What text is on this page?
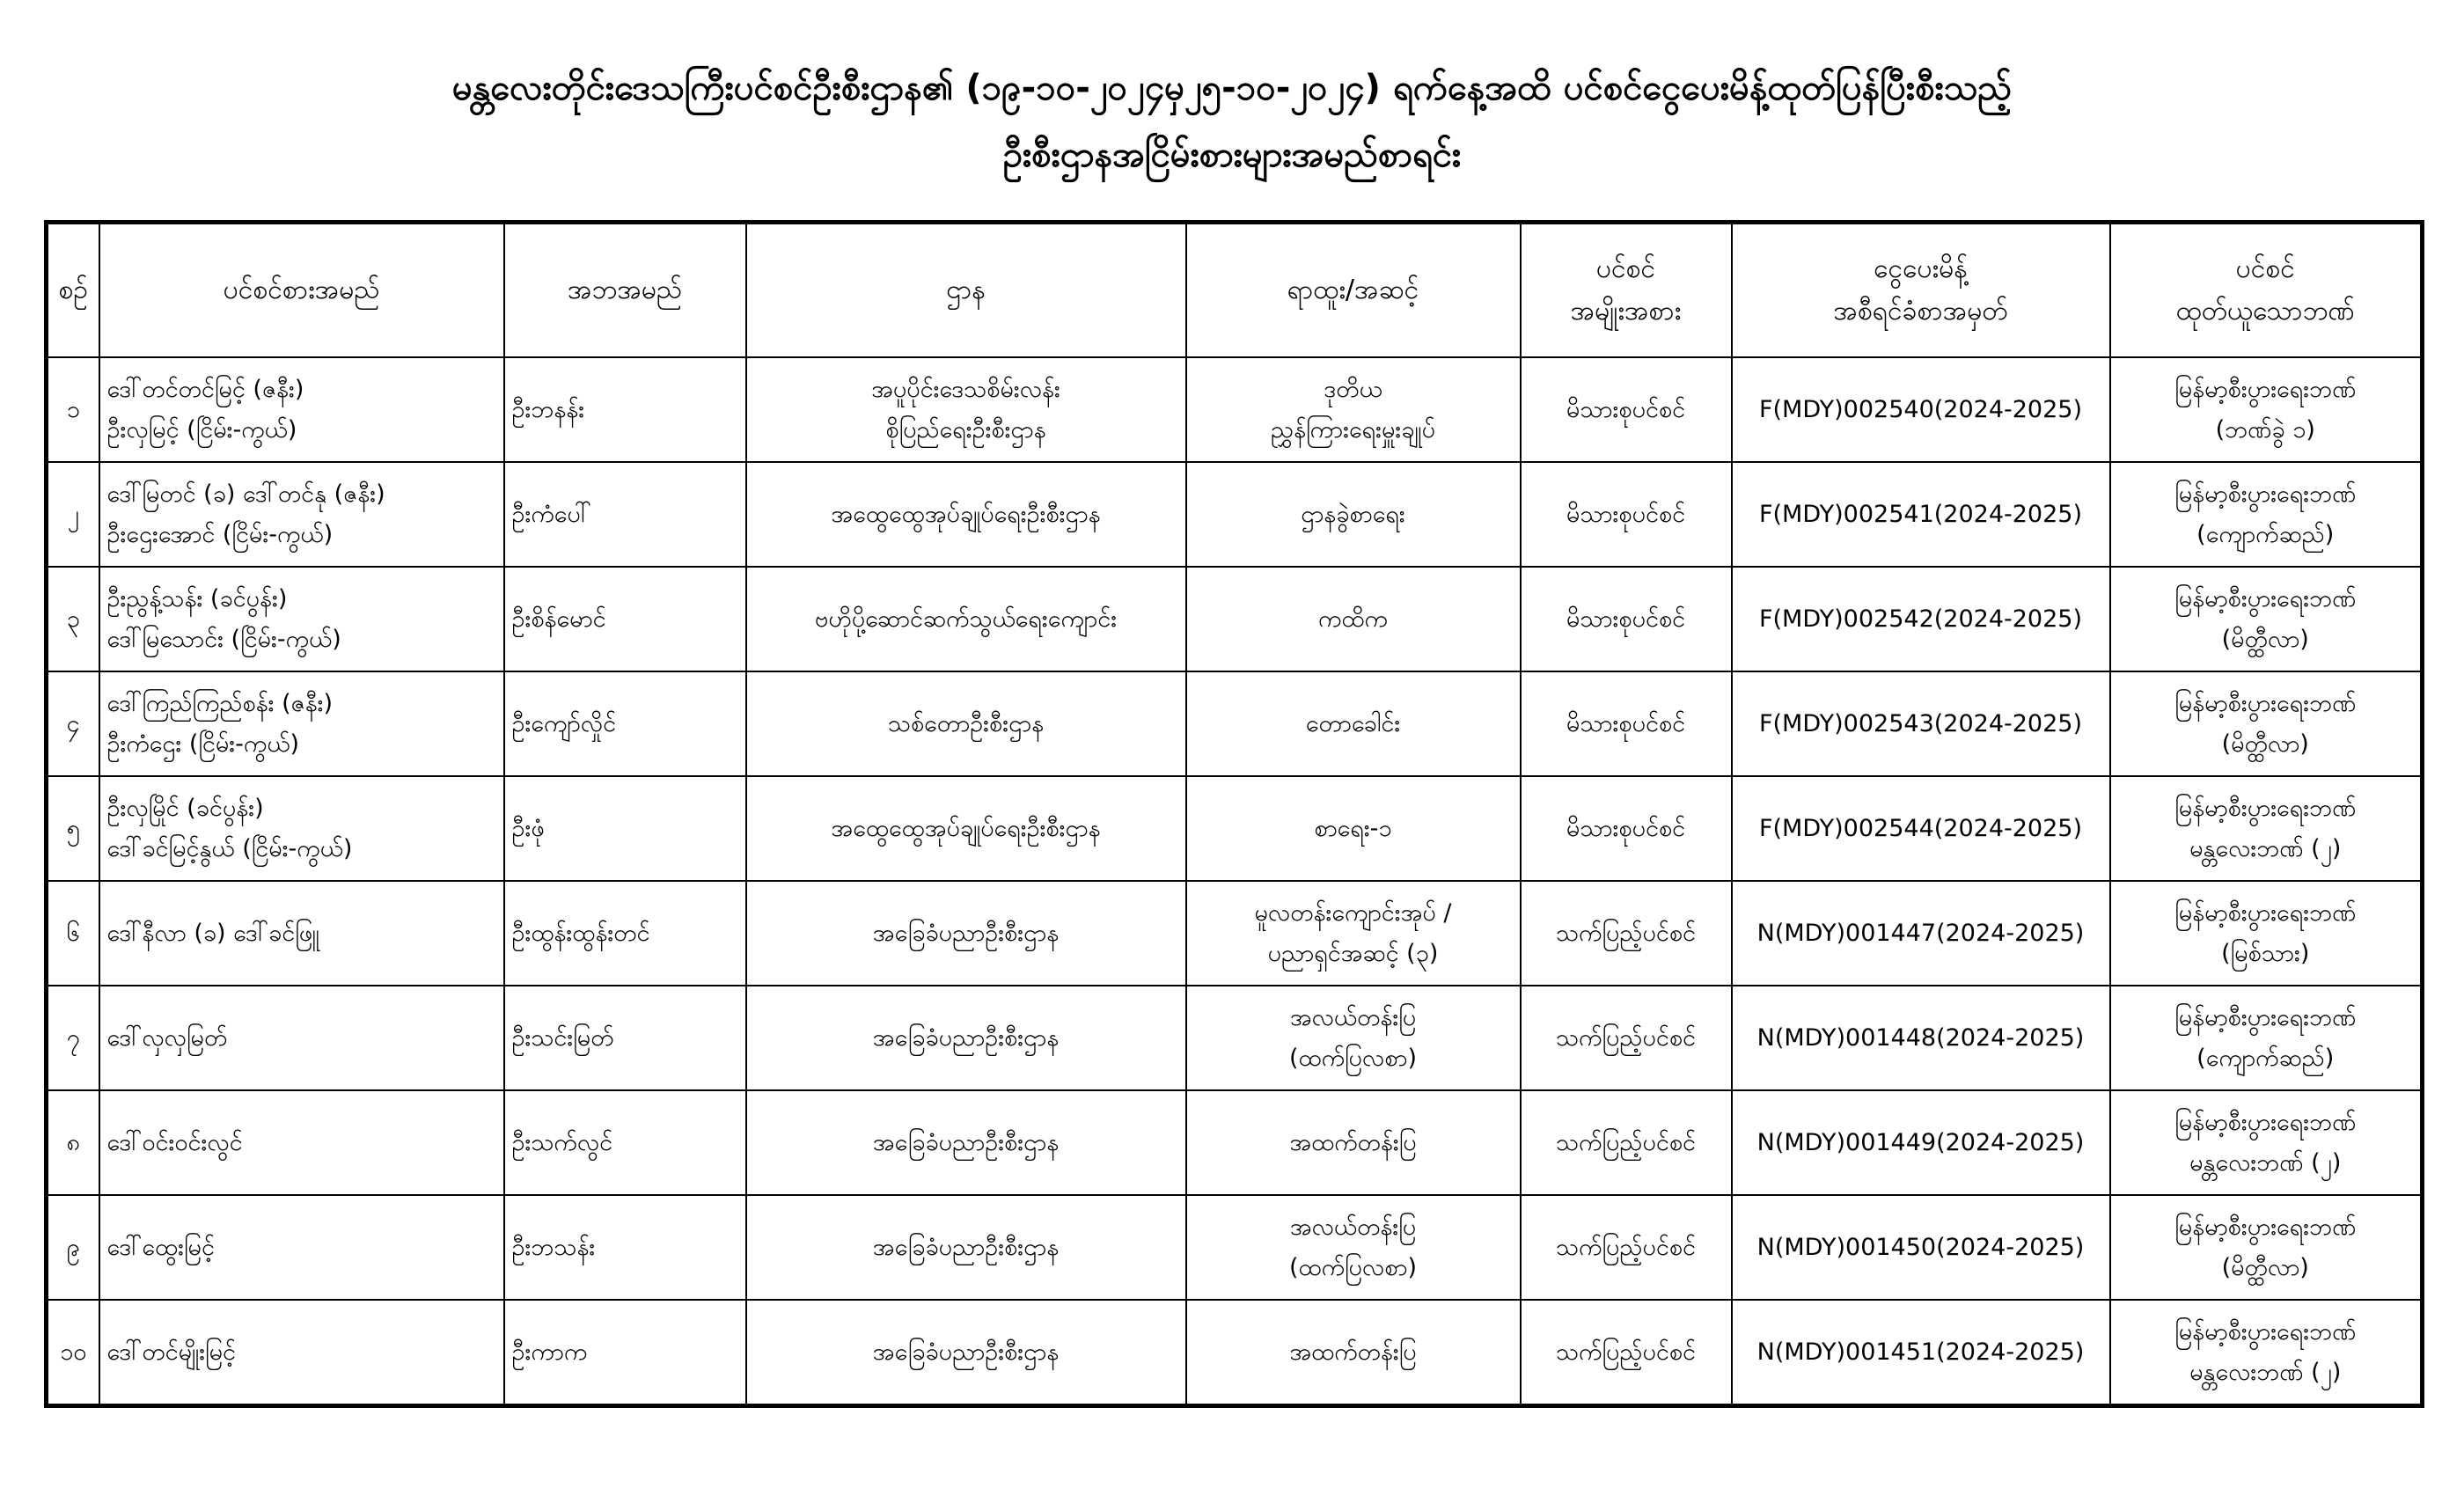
မန္တလေးတိုင်းဒေသကြီးပင်စင်ဦးစီးဌာန၏ (၁၉-၁၀-၂၀၂၄မှ၂၅-၁၀-၂၀၂၄) ရက်နေ့အထိ ပင်စင်ငွေပေးမိန့်ထုတ်ပြန်ပြီးစီးသည့်
ဦးစီးဌာနအငြိမ်းစားများအမည်စာရင်း
စဉ်	ပင်စင်စားအမည်	အဘအမည်	ဌာန	ရာထူး/အဆင့်	ပင်စင်
အမျိုးအစား	ငွေပေးမိန့်
အစီရင်ခံစာအမှတ်	ပင်စင်
ထုတ်ယူသောဘဏ်

၁	ဒေါ်တင်တင်မြင့် (ဇနီး)
ဦးလှမြင့် (ငြိမ်း-ကွယ်)	ဦးဘနန်း	အပူပိုင်းဒေသစိမ်းလန်း
စိုပြည်ရေးဦးစီးဌာန	ဒုတိယ
ညွှန်ကြားရေးမှူးချုပ်	မိသားစုပင်စင်	F(MDY)002540(2024-2025)	မြန်မာ့စီးပွားရေးဘဏ်
(ဘဏ်ခွဲ ၁)

၂	ဒေါ်မြတင် (ခ) ဒေါ်တင်နု (ဇနီး)
ဦးဌေးအောင် (ငြိမ်း-ကွယ်)	ဦးကံပေါ်	အထွေထွေအုပ်ချုပ်ရေးဦးစီးဌာန	ဌာနခွဲစာရေး	မိသားစုပင်စင်	F(MDY)002541(2024-2025)	မြန်မာ့စီးပွားရေးဘဏ်
(ကျောက်ဆည်)

၃	ဦးညွန့်သန်း (ခင်ပွန်း)
ဒေါ်မြသောင်း (ငြိမ်း-ကွယ်)	ဦးစိန်မောင်	ဗဟိုပို့ဆောင်ဆက်သွယ်ရေးကျောင်း	ကထိက	မိသားစုပင်စင်	F(MDY)002542(2024-2025)	မြန်မာ့စီးပွားရေးဘဏ်
(မိတ္ထီလာ)

၄	ဒေါ်ကြည်ကြည်စန်း (ဇနီး)
ဦးကံဌေး (ငြိမ်း-ကွယ်)	ဦးကျော်လှိုင်	သစ်တောဦးစီးဌာန	တောခေါင်း	မိသားစုပင်စင်	F(MDY)002543(2024-2025)	မြန်မာ့စီးပွားရေးဘဏ်
(မိတ္ထီလာ)

၅	ဦးလှမြိုင် (ခင်ပွန်း)
ဒေါ်ခင်မြင့်နွယ် (ငြိမ်း-ကွယ်)	ဦးဖုံ	အထွေထွေအုပ်ချုပ်ရေးဦးစီးဌာန	စာရေး-၁	မိသားစုပင်စင်	F(MDY)002544(2024-2025)	မြန်မာ့စီးပွားရေးဘဏ်
မန္တလေးဘဏ် (၂)

၆	ဒေါ်နီလာ (ခ) ဒေါ်ခင်ဖြူ	ဦးထွန်းထွန်းတင်	အခြေခံပညာဦးစီးဌာန	မူလတန်းကျောင်းအုပ် /
ပညာရှင်အဆင့် (၃)	သက်ပြည့်ပင်စင်	N(MDY)001447(2024-2025)	မြန်မာ့စီးပွားရေးဘဏ်
(မြစ်သား)

၇	ဒေါ်လှလှမြတ်	ဦးသင်းမြတ်	အခြေခံပညာဦးစီးဌာန	အလယ်တန်းပြ
(ထက်ပြလစာ)	သက်ပြည့်ပင်စင်	N(MDY)001448(2024-2025)	မြန်မာ့စီးပွားရေးဘဏ်
(ကျောက်ဆည်)

၈	ဒေါ်ဝင်းဝင်းလွင်	ဦးသက်လွင်	အခြေခံပညာဦးစီးဌာန	အထက်တန်းပြ	သက်ပြည့်ပင်စင်	N(MDY)001449(2024-2025)	မြန်မာ့စီးပွားရေးဘဏ်
မန္တလေးဘဏ် (၂)

၉	ဒေါ်ထွေးမြင့်	ဦးဘသန်း	အခြေခံပညာဦးစီးဌာန	အလယ်တန်းပြ
(ထက်ပြလစာ)	သက်ပြည့်ပင်စင်	N(MDY)001450(2024-2025)	မြန်မာ့စီးပွားရေးဘဏ်
(မိတ္ထီလာ)

၁၀	ဒေါ်တင်မျိုးမြင့်	ဦးကာက	အခြေခံပညာဦးစီးဌာန	အထက်တန်းပြ	သက်ပြည့်ပင်စင်	N(MDY)001451(2024-2025)	မြန်မာ့စီးပွားရေးဘဏ်
မန္တလေးဘဏ် (၂)
